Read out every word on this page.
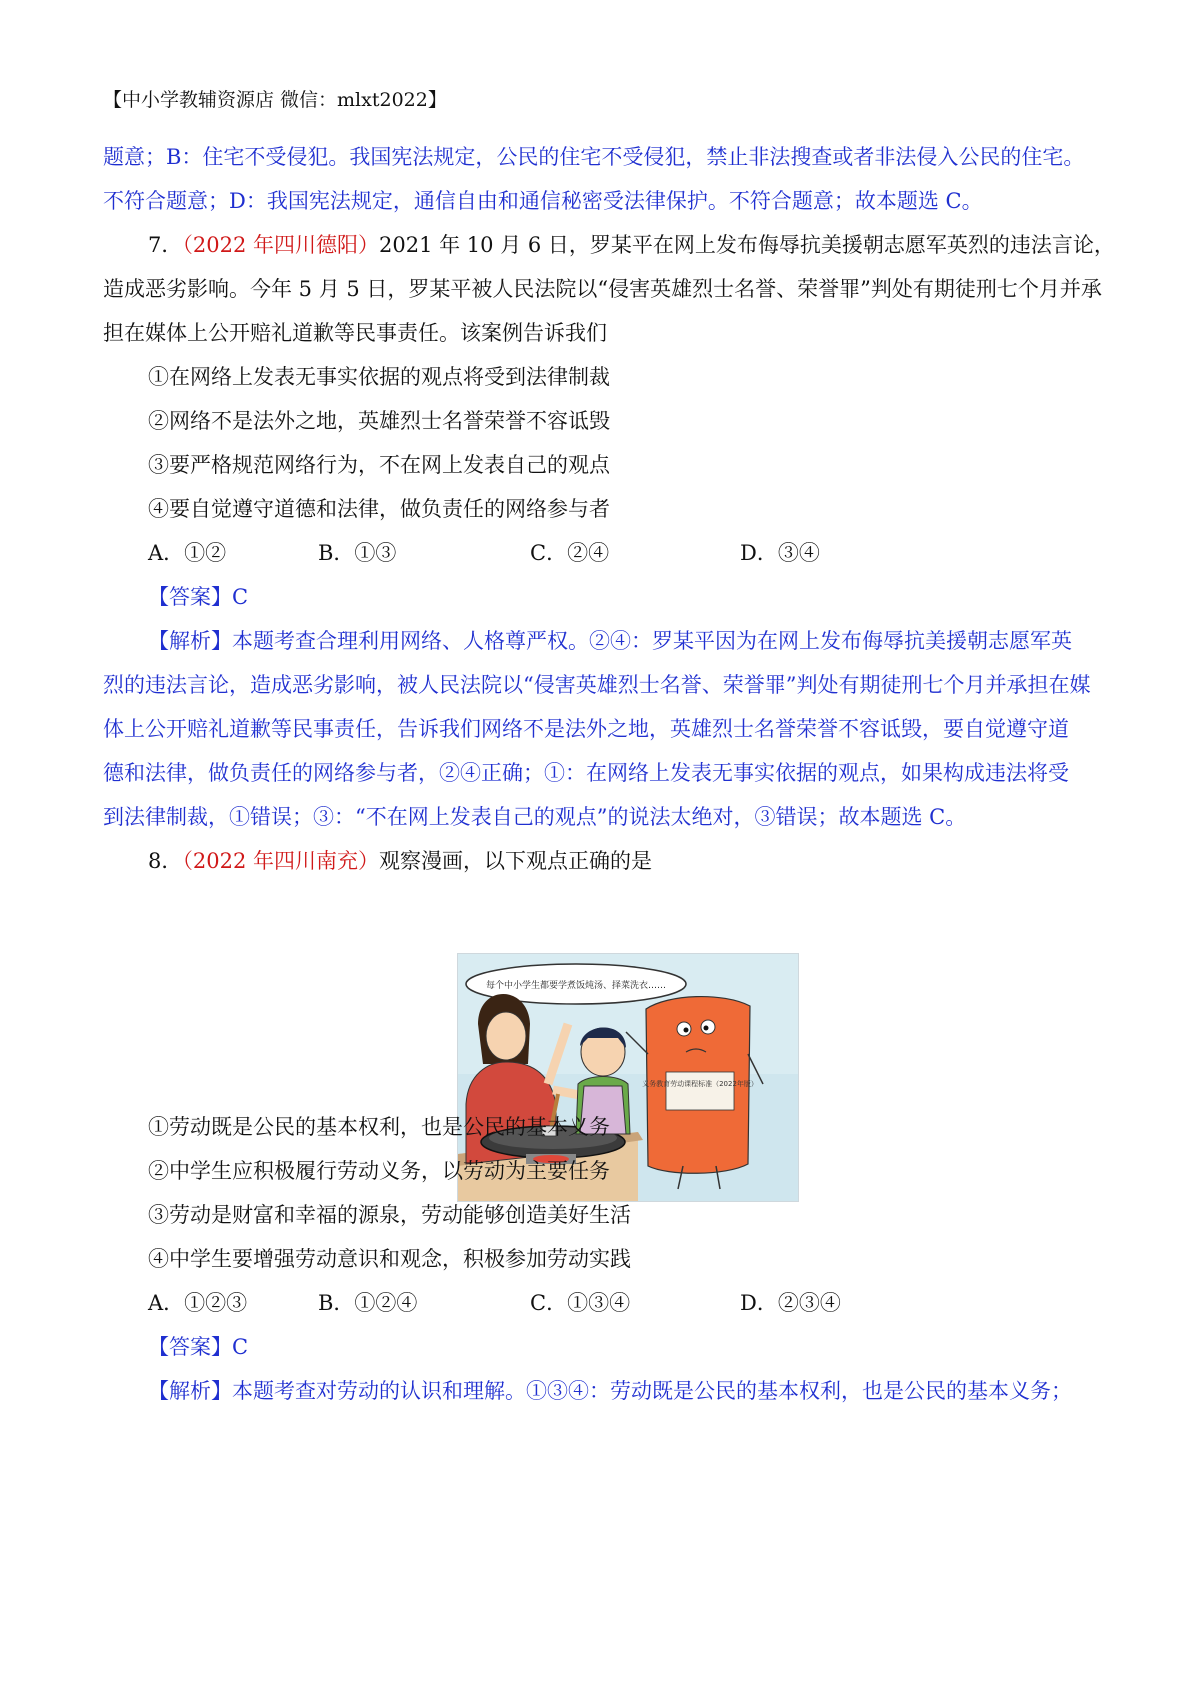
【中小学教辅资源店 微信：mlxt2022】
题意；B：住宅不受侵犯。我国宪法规定，公民的住宅不受侵犯，禁止非法搜查或者非法侵入公民的住宅。
不符合题意；D：我国宪法规定，通信自由和通信秘密受法律保护。不符合题意；故本题选 C。
7．（2022 年四川德阳）2021 年 10 月 6 日，罗某平在网上发布侮辱抗美援朝志愿军英烈的违法言论，
造成恶劣影响。今年 5 月 5 日，罗某平被人民法院以“侵害英雄烈士名誉、荣誉罪”判处有期徒刑七个月并承
担在媒体上公开赔礼道歉等民事责任。该案例告诉我们
①在网络上发表无事实依据的观点将受到法律制裁
②网络不是法外之地，英雄烈士名誉荣誉不容诋毁
③要严格规范网络行为，不在网上发表自己的观点
④要自觉遵守道德和法律，做负责任的网络参与者
A．①②	B．①③	C．②④	D．③④
【答案】C
【解析】本题考查合理利用网络、人格尊严权。②④：罗某平因为在网上发布侮辱抗美援朝志愿军英
烈的违法言论，造成恶劣影响，被人民法院以“侵害英雄烈士名誉、荣誉罪”判处有期徒刑七个月并承担在媒
体上公开赔礼道歉等民事责任，告诉我们网络不是法外之地，英雄烈士名誉荣誉不容诋毁，要自觉遵守道
德和法律，做负责任的网络参与者，②④正确；①：在网络上发表无事实依据的观点，如果构成违法将受
到法律制裁，①错误；③：“不在网上发表自己的观点”的说法太绝对，③错误；故本题选 C。
8．（2022 年四川南充）观察漫画，以下观点正确的是
每个中小学生都要学煮饭炖汤、择菜洗衣……
义务教育劳动课程标准（2022年版）
①劳动既是公民的基本权利，也是公民的基本义务
②中学生应积极履行劳动义务，以劳动为主要任务
③劳动是财富和幸福的源泉，劳动能够创造美好生活
④中学生要增强劳动意识和观念，积极参加劳动实践
A．①②③	B．①②④	C．①③④	D．②③④
【答案】C
【解析】本题考查对劳动的认识和理解。①③④：劳动既是公民的基本权利，也是公民的基本义务；
